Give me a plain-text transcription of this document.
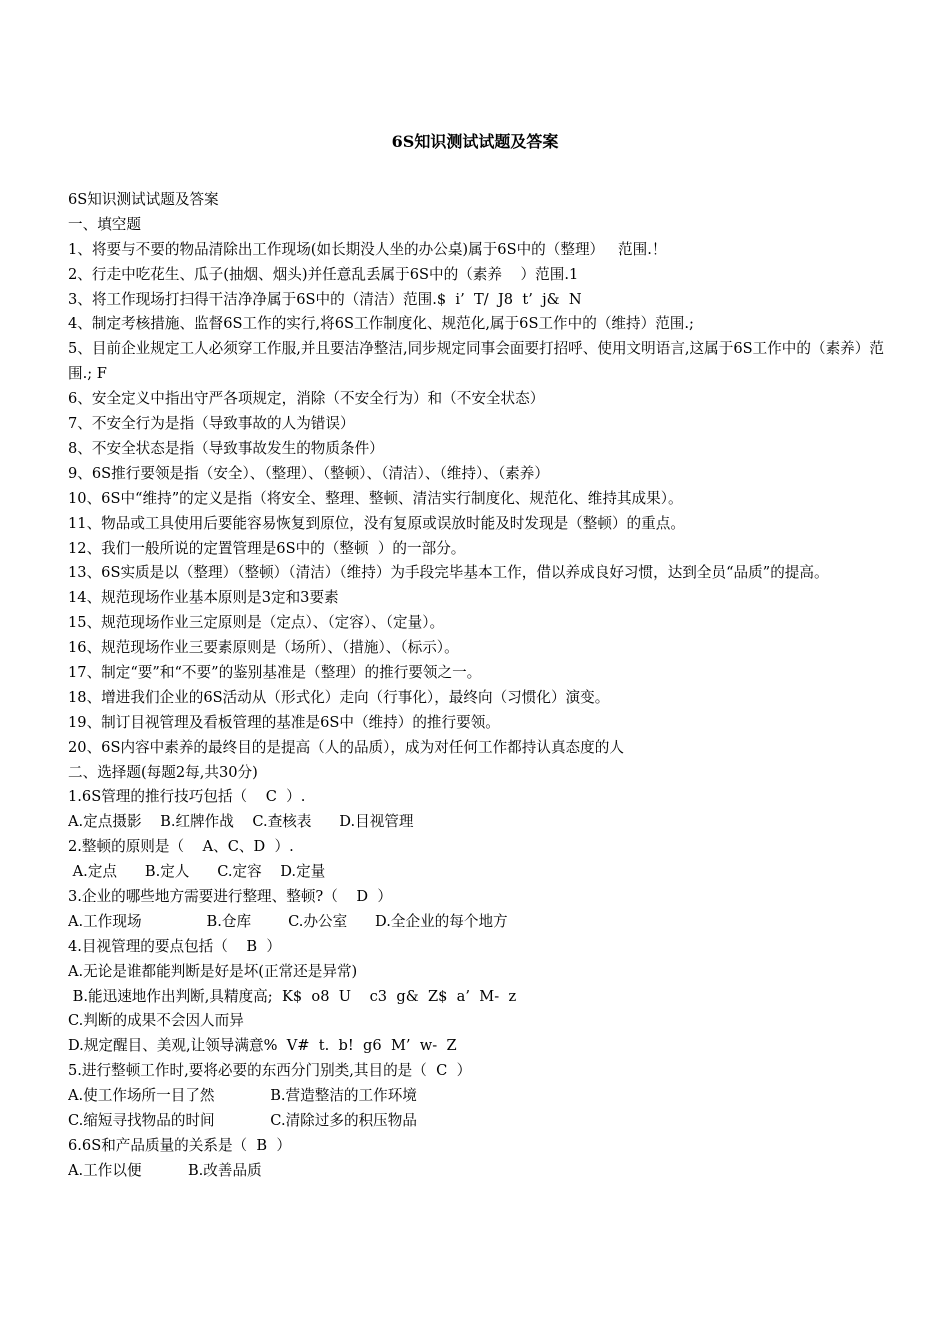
6S知识测试试题及答案
6S知识测试试题及答案
一、填空题
1、将要与不要的物品清除出工作现场(如长期没人坐的办公桌)属于6S中的（整理）   范围.！
2、行走中吃花生、瓜子(抽烟、烟头)并任意乱丢属于6S中的（素养    ）范围.1
3、将工作现场打扫得干洁净净属于6S中的（清洁）范围.$  i’  T/  J8  t’  j&  N
4、制定考核措施、监督6S工作的实行,将6S工作制度化、规范化,属于6S工作中的（维持）范围.;
5、目前企业规定工人必须穿工作服,并且要洁净整洁,同步规定同事会面要打招呼、使用文明语言,这属于6S工作中的（素养）范围.; F
6、安全定义中指出守严各项规定，消除（不安全行为）和（不安全状态）
7、不安全行为是指（导致事故的人为错误）
8、不安全状态是指（导致事故发生的物质条件）
9、6S推行要领是指（安全）、（整理）、（整顿）、（清洁）、（维持）、（素养）
10、6S中“维持”的定义是指（将安全、整理、整顿、清洁实行制度化、规范化、维持其成果）。
11、物品或工具使用后要能容易恢复到原位，没有复原或误放时能及时发现是（整顿）的重点。
12、我们一般所说的定置管理是6S中的（整顿  ）的一部分。
13、6S实质是以（整理）（整顿）（清洁）（维持）为手段完毕基本工作，借以养成良好习惯，达到全员“品质”的提高。
14、规范现场作业基本原则是3定和3要素
15、规范现场作业三定原则是（定点）、（定容）、（定量）。
16、规范现场作业三要素原则是（场所）、（措施）、（标示）。
17、制定“要”和“不要”的鉴别基准是（整理）的推行要领之一。
18、增进我们企业的6S活动从（形式化）走向（行事化），最终向（习惯化）演变。
19、制订目视管理及看板管理的基准是6S中（维持）的推行要领。
20、6S内容中素养的最终目的是提高（人的品质），成为对任何工作都持认真态度的人
二、选择题(每题2每,共30分)
1.6S管理的推行技巧包括（    C  ）.
A.定点摄影    B.红牌作战    C.查核表      D.目视管理
2.整顿的原则是（    A、C、D  ）.
A.定点      B.定人      C.定容    D.定量
3.企业的哪些地方需要进行整理、整顿?（    D  ）
A.工作现场              B.仓库        C.办公室      D.全企业的每个地方
4.目视管理的要点包括（    B  ）
A.无论是谁都能判断是好是坏(正常还是异常)
B.能迅速地作出判断,具精度高;  K$  o8  U    c3  g&  Z$  a’  M-  z
C.判断的成果不会因人而异
D.规定醒目、美观,让领导满意%  V#  t.  b!  g6  M’  w-  Z
5.进行整顿工作时,要将必要的东西分门别类,其目的是（  C  ）
A.使工作场所一目了然            B.营造整洁的工作环境
C.缩短寻找物品的时间            C.清除过多的积压物品
6.6S和产品质量的关系是（  B  ）
A.工作以便          B.改善品质
